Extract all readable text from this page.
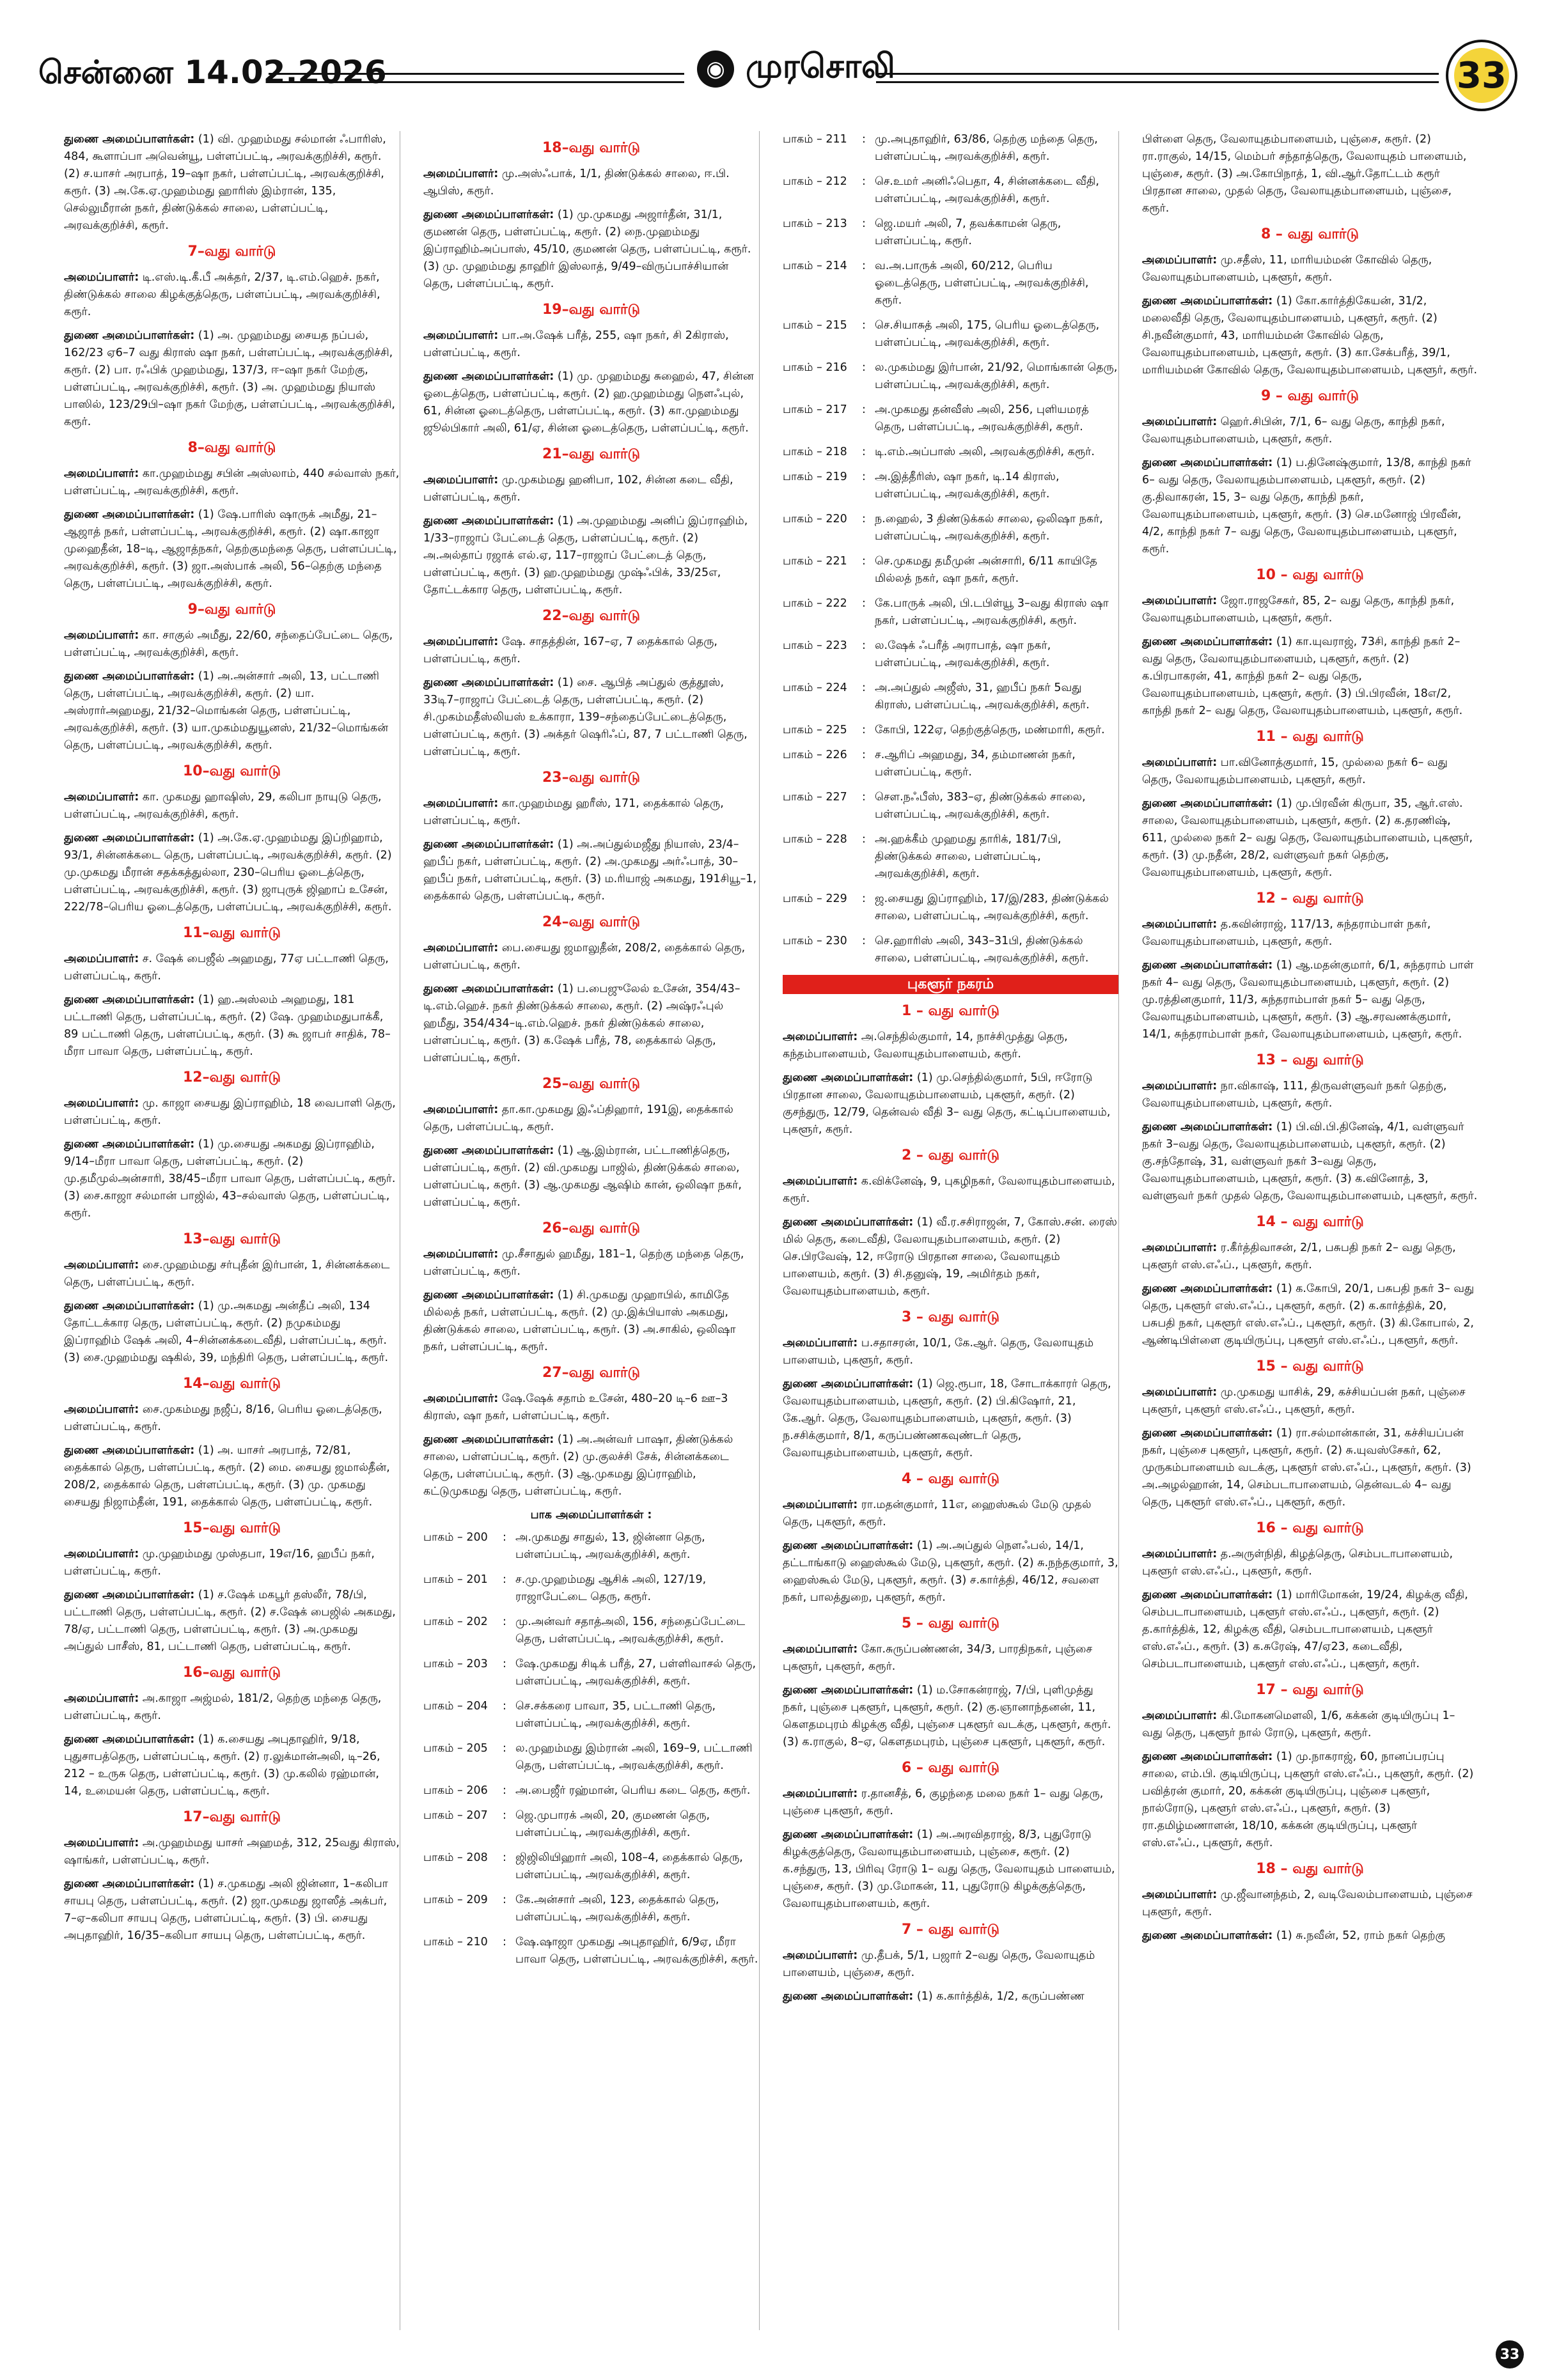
சென்னை 14.02.2026	◉ முரசொலி	33

துணை அமைப்பாளர்கள்: (1) வி. முஹம்மது சல்மான் ஃபாரிஸ், 484, கூளாப்பா அவென்யூ, பள்ளப்பட்டி, அரவக்குறிச்சி, கரூர். (2) ச.யாசர் அரபாத், 19–ஷா நகர், பள்ளப்பட்டி, அரவக்குறிச்சி, கரூர். (3) அ.கே.ஏ.முஹம்மது ஹாரிஸ் இம்ரான், 135, செல்லுமீரான் நகர், திண்டுக்கல் சாலை, பள்ளப்பட்டி, அரவக்குறிச்சி, கரூர்.

7–வது வார்டு

அமைப்பாளர்: டி.எஸ்.டி.கீ.பீ அக்தர், 2/37, டி.எம்.ஹெச். நகர், திண்டுக்கல் சாலை கிழக்குத்தெரு, பள்ளப்பட்டி, அரவக்குறிச்சி, கரூர்.

துணை அமைப்பாளர்கள்: (1) அ. முஹம்மது சையத நப்பல், 162/23 ஏ6–7 வது கிராஸ் ஷா நகர், பள்ளப்பட்டி, அரவக்குறிச்சி, கரூர். (2) பா. ரஃபிக் முஹம்மது, 137/3, ஈ–ஷா நகர் மேற்கு, பள்ளப்பட்டி, அரவக்குறிச்சி, கரூர். (3) அ. முஹம்மது நியாஸ் பாஸில், 123/29பி–ஷா நகர் மேற்கு, பள்ளப்பட்டி, அரவக்குறிச்சி, கரூர்.

8–வது வார்டு

அமைப்பாளர்: கா.முஹம்மது சபின் அஸ்லாம், 440 சல்வாஸ் நகர், பள்ளப்பட்டி, அரவக்குறிச்சி, கரூர்.

துணை அமைப்பாளர்கள்: (1) ஷே.பாரிஸ் ஷாருக் அமீது, 21–ஆஜாத் நகர், பள்ளப்பட்டி, அரவக்குறிச்சி, கரூர். (2) ஷா.காஜா முஹைதீன், 18–டி, ஆஜாத்நகர், தெற்குமந்தை தெரு, பள்ளப்பட்டி, அரவக்குறிச்சி, கரூர். (3) ஜா.அஸ்பாக் அலி, 56–தெற்கு மந்தை தெரு, பள்ளப்பட்டி, அரவக்குறிச்சி, கரூர்.

9–வது வார்டு

அமைப்பாளர்: கா. சாகுல் அமீது, 22/60, சந்தைப்பேட்டை தெரு, பள்ளப்பட்டி, அரவக்குறிச்சி, கரூர்.

துணை அமைப்பாளர்கள்: (1) அ.அன்சார் அலி, 13, பட்டாணி தெரு, பள்ளப்பட்டி, அரவக்குறிச்சி, கரூர். (2) யா. அஸ்ரார்அஹமது, 21/32–மொங்கன் தெரு, பள்ளப்பட்டி, அரவக்குறிச்சி, கரூர். (3) யா.முகம்மதுயூனஸ், 21/32–மொங்கன் தெரு, பள்ளப்பட்டி, அரவக்குறிச்சி, கரூர்.

10–வது வார்டு

அமைப்பாளர்: கா. முகமது ஹாஷிஸ், 29, கலிபா நாயுடு தெரு, பள்ளப்பட்டி, அரவக்குறிச்சி, கரூர்.

துணை அமைப்பாளர்கள்: (1) அ.கே.ஏ.முஹம்மது இப்றிஹாம், 93/1, சின்னக்கடை தெரு, பள்ளப்பட்டி, அரவக்குறிச்சி, கரூர். (2) மு.முகமது மீரான் சதக்கத்துல்லா, 230–பெரிய ஓடைத்தெரு, பள்ளப்பட்டி, அரவக்குறிச்சி, கரூர். (3) ஜாபுருக் ஜிஹாப் உசேன், 222/78–பெரிய ஓடைத்தெரு, பள்ளப்பட்டி, அரவக்குறிச்சி, கரூர்.

11–வது வார்டு

அமைப்பாளர்: ச. ஷேக் பைஜீல் அஹமது, 77ஏ பட்டாணி தெரு, பள்ளப்பட்டி, கரூர்.

துணை அமைப்பாளர்கள்: (1) ஹ.அஸ்லம் அஹமது, 181 பட்டாணி தெரு, பள்ளப்பட்டி, கரூர். (2) ஷே. முஹம்மதுபாக்கீ, 89 பட்டாணி தெரு, பள்ளப்பட்டி, கரூர். (3) கூ ஜாபர் சாதிக், 78–மீரா பாவா தெரு, பள்ளப்பட்டி, கரூர்.

12–வது வார்டு

அமைப்பாளர்: மு. காஜா சையது இப்ராஹிம், 18 வைபாளி தெரு, பள்ளப்பட்டி, கரூர்.

துணை அமைப்பாளர்கள்: (1) மு.சையது அகமது இப்ராஹிம், 9/14–மீரா பாவா தெரு, பள்ளப்பட்டி, கரூர். (2) மு.தமீமுல்அன்சாரி, 38/45–மீரா பாவா தெரு, பள்ளப்பட்டி, கரூர். (3) சை.காஜா சல்மான் பாஜில், 43–சல்வாஸ் தெரு, பள்ளப்பட்டி, கரூர்.

13–வது வார்டு

அமைப்பாளர்: சை.முஹம்மது சர்புதீன் இர்பான், 1, சின்னக்கடை தெரு, பள்ளப்பட்டி, கரூர்.

துணை அமைப்பாளர்கள்: (1) மு.அகமது அன்தீப் அலி, 134 தோட்டக்கார தெரு, பள்ளப்பட்டி, கரூர். (2) நமுகம்மது இப்ராஹிம் ஷேக் அலி, 4–சின்னக்கடைவீதி, பள்ளப்பட்டி, கரூர். (3) சை.முஹம்மது ஷகில், 39, மந்திரி தெரு, பள்ளப்பட்டி, கரூர்.

14–வது வார்டு

அமைப்பாளர்: சை.முகம்மது நஜீப், 8/16, பெரிய ஓடைத்தெரு, பள்ளப்பட்டி, கரூர்.

துணை அமைப்பாளர்கள்: (1) அ. யாசர் அரபாத், 72/81, தைக்கால் தெரு, பள்ளப்பட்டி, கரூர். (2) மை. சையது ஜமால்தீன், 208/2, தைக்கால் தெரு, பள்ளப்பட்டி, கரூர். (3) மு. முகமது சையது நிஜாம்தீன், 191, தைக்கால் தெரு, பள்ளப்பட்டி, கரூர்.

15–வது வார்டு

அமைப்பாளர்: மு.முஹம்மது முஸ்தபா, 19எ/16, ஹபீப் நகர், பள்ளப்பட்டி, கரூர்.

துணை அமைப்பாளர்கள்: (1) ச.ஷேக் மகபூர் தஸ்லீர், 78/பி, பட்டாணி தெரு, பள்ளப்பட்டி, கரூர். (2) ச.ஷேக் பைஜில் அகமது, 78/ஏ, பட்டாணி தெரு, பள்ளப்பட்டி, கரூர். (3) அ.முகமது அப்துல் பாசீஸ், 81, பட்டாணி தெரு, பள்ளப்பட்டி, கரூர்.

16–வது வார்டு

அமைப்பாளர்: அ.காஜா அஜ்மல், 181/2, தெற்கு மந்தை தெரு, பள்ளப்பட்டி, கரூர்.

துணை அமைப்பாளர்கள்: (1) க.சையது அபுதாஹிர், 9/18, புதுசாபத்தெரு, பள்ளப்பட்டி, கரூர். (2) ர.லுக்மான்அலி, டி–26, 212 – உருசு தெரு, பள்ளப்பட்டி, கரூர். (3) மு.கலில் ரஹ்மான், 14, உமையன் தெரு, பள்ளப்பட்டி, கரூர்.

17–வது வார்டு

அமைப்பாளர்: அ.முஹம்மது யாசர் அஹமத், 312, 25வது கிராஸ், ஷாங்கர், பள்ளப்பட்டி, கரூர்.

துணை அமைப்பாளர்கள்: (1) ச.முகமது அலி ஜின்னா, 1–கலிபா சாயபு தெரு, பள்ளப்பட்டி, கரூர். (2) ஜா.முகமது ஜாஸீத் அக்பர், 7–ஏ–கலிபா சாயபு தெரு, பள்ளப்பட்டி, கரூர். (3) பி. சையது அபுதாஹிர், 16/35–கலிபா சாயபு தெரு, பள்ளப்பட்டி, கரூர்.

18–வது வார்டு

அமைப்பாளர்: மு.அஸ்ஃபாக், 1/1, திண்டுக்கல் சாலை, ஈ.பி. ஆபிஸ், கரூர்.

துணை அமைப்பாளர்கள்: (1) மு.முகமது அஜார்தீன், 31/1, குமணன் தெரு, பள்ளப்பட்டி, கரூர். (2) நை.முஹம்மது இப்ராஹிம்அப்பாஸ், 45/10, குமணன் தெரு, பள்ளப்பட்டி, கரூர். (3) மு. முஹம்மது தாஹிர் இஸ்லாத், 9/49–விருப்பாச்சியான் தெரு, பள்ளப்பட்டி, கரூர்.

19–வது வார்டு

அமைப்பாளர்: பா.அ.ஷேக் பரீத், 255, ஷா நகர், சி 2கிராஸ், பள்ளப்பட்டி, கரூர்.

துணை அமைப்பாளர்கள்: (1) மு. முஹம்மது சுஹைல், 47, சின்ன ஓடைத்தெரு, பள்ளப்பட்டி, கரூர். (2) ஹ.முஹம்மது நௌஃபுல், 61, சின்ன ஓடைத்தெரு, பள்ளப்பட்டி, கரூர். (3) கா.முஹம்மது ஜூல்பிகார் அலி, 61/ஏ, சின்ன ஓடைத்தெரு, பள்ளப்பட்டி, கரூர்.

21–வது வார்டு

அமைப்பாளர்: மு.முகம்மது ஹனிபா, 102, சின்ன கடை வீதி, பள்ளப்பட்டி, கரூர்.

துணை அமைப்பாளர்கள்: (1) அ.முஹம்மது அனிப் இப்ராஹிம், 1/33–ராஜாப் பேட்டைத் தெரு, பள்ளப்பட்டி, கரூர். (2) அ.அல்தாப் ரஜாக் எல்.ஏ, 117–ராஜாப் பேட்டைத் தெரு, பள்ளப்பட்டி, கரூர். (3) ஹ.முஹம்மது முஷ்ஃபிக், 33/25எ, தோட்டக்கார தெரு, பள்ளப்பட்டி, கரூர்.

22–வது வார்டு

அமைப்பாளர்: ஷே. சாதத்தின், 167–ஏ, 7 தைக்கால் தெரு, பள்ளப்பட்டி, கரூர்.

துணை அமைப்பாளர்கள்: (1) சை. ஆபித் அப்துல் குத்தூஸ், 33டி7–ராஜாப் பேட்டைத் தெரு, பள்ளப்பட்டி, கரூர். (2) சி.முகம்மதீஸ்லியஸ் உக்காரா, 139–சந்தைப்பேட்டைத்தெரு, பள்ளப்பட்டி, கரூர். (3) அக்தர் ஷெரிஃப், 87, 7 பட்டாணி தெரு, பள்ளப்பட்டி, கரூர்.

23–வது வார்டு

அமைப்பாளர்: கா.முஹம்மது ஹரீஸ், 171, தைக்கால் தெரு, பள்ளப்பட்டி, கரூர்.

துணை அமைப்பாளர்கள்: (1) அ.அப்துல்மஜீது நியாஸ், 23/4–ஹபீப் நகர், பள்ளப்பட்டி, கரூர். (2) அ.முகமது அர்ஃபாத், 30–ஹபீப் நகர், பள்ளப்பட்டி, கரூர். (3) ம.ரியாஜ் அகமது, 191சியூ–1, தைக்கால் தெரு, பள்ளப்பட்டி, கரூர்.

24–வது வார்டு

அமைப்பாளர்: பை.சையது ஜமாலுதீன், 208/2, தைக்கால் தெரு, பள்ளப்பட்டி, கரூர்.

துணை அமைப்பாளர்கள்: (1) ப.பைஜுலேல் உசேன், 354/43–டி.எம்.ஹெச். நகர் திண்டுக்கல் சாலை, கரூர். (2) அஷ்ரஃபுல் ஹமீது, 354/434–டி.எம்.ஹெச். நகர் திண்டுக்கல் சாலை, பள்ளப்பட்டி, கரூர். (3) க.ஷேக் பரீத், 78, தைக்கால் தெரு, பள்ளப்பட்டி, கரூர்.

25–வது வார்டு

அமைப்பாளர்: தா.கா.முகமது இஃப்திஹார், 191இ, தைக்கால் தெரு, பள்ளப்பட்டி, கரூர்.

துணை அமைப்பாளர்கள்: (1) ஆ.இம்ரான், பட்டாணித்தெரு, பள்ளப்பட்டி, கரூர். (2) வி.முகமது பாஜில், திண்டுக்கல் சாலை, பள்ளப்பட்டி, கரூர். (3) ஆ.முகமது ஆஷிம் கான், ஒலிஷா நகர், பள்ளப்பட்டி, கரூர்.

26–வது வார்டு

அமைப்பாளர்: மு.சீசாதுல் ஹமீது, 181–1, தெற்கு மந்தை தெரு, பள்ளப்பட்டி, கரூர்.

துணை அமைப்பாளர்கள்: (1) சி.முகமது முஹாபில், காமிதே மில்லத் நகர், பள்ளப்பட்டி, கரூர். (2) மு.இக்பியாஸ் அகமது, திண்டுக்கல் சாலை, பள்ளப்பட்டி, கரூர். (3) அ.சாகில், ஒலிஷா நகர், பள்ளப்பட்டி, கரூர்.

27–வது வார்டு

அமைப்பாளர்: ஷே.ஷேக் சதாம் உசேன், 480–20 டி–6 ஊ–3 கிராஸ், ஷா நகர், பள்ளப்பட்டி, கரூர்.

துணை அமைப்பாளர்கள்: (1) அ.அன்வர் பாஷா, திண்டுக்கல் சாலை, பள்ளப்பட்டி, கரூர். (2) மு.குலச்சி சேக், சின்னக்கடை தெரு, பள்ளப்பட்டி, கரூர். (3) ஆ.முகமது இப்ராஹிம், கட்டுமுகமது தெரு, பள்ளப்பட்டி, கரூர்.

பாக அமைப்பாளர்கள் :
பாகம் – 200	: அ.முகமது சாதுல், 13, ஜின்னா தெரு, பள்ளப்பட்டி, அரவக்குறிச்சி, கரூர்.
பாகம் – 201	: ச.மு.முஹம்மது ஆசிக் அலி, 127/19, ராஜாபேட்டை தெரு, கரூர்.
பாகம் – 202	: மு.அன்வர் சதாத்அலி, 156, சந்தைப்பேட்டை தெரு, பள்ளப்பட்டி, அரவக்குறிச்சி, கரூர்.
பாகம் – 203	: ஷே.முகமது சிடிக் பரீத், 27, பள்ளிவாசல் தெரு, பள்ளப்பட்டி, அரவக்குறிச்சி, கரூர்.
பாகம் – 204	: செ.சக்கரை பாவா, 35, பட்டாணி தெரு, பள்ளப்பட்டி, அரவக்குறிச்சி, கரூர்.
பாகம் – 205	: ல.முஹம்மது இம்ரான் அலி, 169–9, பட்டாணி தெரு, பள்ளப்பட்டி, அரவக்குறிச்சி, கரூர்.
பாகம் – 206	: அ.பைஜீர் ரஹ்மான், பெரிய கடை தெரு, கரூர்.
பாகம் – 207	: ஜெ.முபாரக் அலி, 20, குமணன் தெரு, பள்ளப்பட்டி, அரவக்குறிச்சி, கரூர்.
பாகம் – 208	: ஜிஜிலியிஹார் அலி, 108–4, தைக்கால் தெரு, பள்ளப்பட்டி, அரவக்குறிச்சி, கரூர்.
பாகம் – 209	: கே.அன்சார் அலி, 123, தைக்கால் தெரு, பள்ளப்பட்டி, அரவக்குறிச்சி, கரூர்.
பாகம் – 210	: ஷே.ஷாஜா முகமது அபுதாஹிர், 6/9ஏ, மீரா பாவா தெரு, பள்ளப்பட்டி, அரவக்குறிச்சி, கரூர்.
பாகம் – 211	: மு.அபுதாஹிர், 63/86, தெற்கு மந்தை தெரு, பள்ளப்பட்டி, அரவக்குறிச்சி, கரூர்.
பாகம் – 212	: செ.உமர் அனிஃபெதா, 4, சின்னக்கடை வீதி, பள்ளப்பட்டி, அரவக்குறிச்சி, கரூர்.
பாகம் – 213	: ஜெ.மயர் அலி, 7, தவக்காமன் தெரு, பள்ளப்பட்டி, கரூர்.
பாகம் – 214	: வ.அ.பாருக் அலி, 60/212, பெரிய ஓடைத்தெரு, பள்ளப்பட்டி, அரவக்குறிச்சி, கரூர்.
பாகம் – 215	: செ.சியாசுத் அலி, 175, பெரிய ஓடைத்தெரு, பள்ளப்பட்டி, அரவக்குறிச்சி, கரூர்.
பாகம் – 216	: ல.முகம்மது இர்பான், 21/92, மொங்கான் தெரு, பள்ளப்பட்டி, அரவக்குறிச்சி, கரூர்.
பாகம் – 217	: அ.முகமது தன்வீஸ் அலி, 256, புளியமரத் தெரு, பள்ளப்பட்டி, அரவக்குறிச்சி, கரூர்.
பாகம் – 218	: டி.எம்.அப்பாஸ் அலி, அரவக்குறிச்சி, கரூர்.
பாகம் – 219	: அ.இத்தீரிஸ், ஷா நகர், டி.14 கிராஸ், பள்ளப்பட்டி, அரவக்குறிச்சி, கரூர்.
பாகம் – 220	: ந.ஹைல், 3 திண்டுக்கல் சாலை, ஒலிஷா நகர், பள்ளப்பட்டி, அரவக்குறிச்சி, கரூர்.
பாகம் – 221	: செ.முகமது தமீமுன் அன்சாரி, 6/11 காயிதே மில்லத் நகர், ஷா நகர், கரூர்.
பாகம் – 222	: கே.பாருக் அலி, பி.டபிள்யூ 3–வது கிராஸ் ஷா நகர், பள்ளப்பட்டி, அரவக்குறிச்சி, கரூர்.
பாகம் – 223	: ல.ஷேக் ஃபரீத் அராபாத், ஷா நகர், பள்ளப்பட்டி, அரவக்குறிச்சி, கரூர்.
பாகம் – 224	: அ.அப்துல் அஜீஸ், 31, ஹபீப் நகர் 5வது கிராஸ், பள்ளப்பட்டி, அரவக்குறிச்சி, கரூர்.
பாகம் – 225	: கோபி, 122ஏ, தெற்குத்தெரு, மண்மாரி, கரூர்.
பாகம் – 226	: ச.ஆரிப் அஹமது, 34, தம்மாணன் நகர், பள்ளப்பட்டி, கரூர்.
பாகம் – 227	: சௌ.நஃபீஸ், 383–ஏ, திண்டுக்கல் சாலை, பள்ளப்பட்டி, அரவக்குறிச்சி, கரூர்.
பாகம் – 228	: அ.ஹக்கீம் முஹமது தாரிக், 181/7பி, திண்டுக்கல் சாலை, பள்ளப்பட்டி, அரவக்குறிச்சி, கரூர்.
பாகம் – 229	: ஜ.சையது இப்ராஹிம், 17/இ/283, திண்டுக்கல் சாலை, பள்ளப்பட்டி, அரவக்குறிச்சி, கரூர்.
பாகம் – 230	: செ.ஹாரிஸ் அலி, 343–31பி, திண்டுக்கல் சாலை, பள்ளப்பட்டி, அரவக்குறிச்சி, கரூர்.
புகளூர் நகரம்
1 – வது வார்டு

அமைப்பாளர்: அ.செந்தில்குமார், 14, நாச்சிமுத்து தெரு, கந்தம்பாளையம், வேலாயுதம்பாளையம், கரூர்.

துணை அமைப்பாளர்கள்: (1) மு.செந்தில்குமார், 5பி, ஈரோடு பிரதான சாலை, வேலாயுதம்பாளையம், புகளூர், கரூர். (2) குசந்துரு, 12/79, தென்வல் வீதி 3– வது தெரு, கட்டிப்பாளையம், புகளூர், கரூர்.

2 – வது வார்டு

அமைப்பாளர்: க.விக்னேஷ், 9, புகழிநகர், வேலாயுதம்பாளையம், கரூர்.

துணை அமைப்பாளர்கள்: (1) வீ.ர.சசிராஜன், 7, கோஸ்.சன். ரைஸ் மில் தெரு, கடைவீதி, வேலாயுதம்பாளையம், கரூர். (2) செ.பிரவேஷ், 12, ஈரோடு பிரதான சாலை, வேலாயுதம் பாளையம், கரூர். (3) சி.தனுஷ், 19, அமிர்தம் நகர், வேலாயுதம்பாளையம், கரூர்.

3 – வது வார்டு

அமைப்பாளர்: ப.சதாசரன், 10/1, கே.ஆர். தெரு, வேலாயுதம் பாளையம், புகளூர், கரூர்.

துணை அமைப்பாளர்கள்: (1) ஜெ.ரூபா, 18, சோடாக்காரர் தெரு, வேலாயுதம்பாளையம், புகளூர், கரூர். (2) பி.கிஷோர், 21, கே.ஆர். தெரு, வேலாயுதம்பாளையம், புகளூர், கரூர். (3) ந.சசிக்குமார், 8/1, கருப்பண்ணகவுண்டர் தெரு, வேலாயுதம்பாளையம், புகளூர், கரூர்.

4 – வது வார்டு

அமைப்பாளர்: ரா.மதன்குமார், 11எ, ஹைஸ்கூல் மேடு முதல் தெரு, புகளூர், கரூர்.

துணை அமைப்பாளர்கள்: (1) அ.அப்துல் நௌஃபல், 14/1, தட்டாங்காடு ஹைஸ்கூல் மேடு, புகளூர், கரூர். (2) சு.நந்தகுமார், 3, ஹைஸ்கூல் மேடு, புகளூர், கரூர். (3) ச.கார்த்தி, 46/12, சவளை நகர், பாலத்துறை, புகளூர், கரூர்.

5 – வது வார்டு

அமைப்பாளர்: கோ.சுருப்பண்ணன், 34/3, பாரதிநகர், புஞ்சை புகளூர், புகளூர், கரூர்.

துணை அமைப்பாளர்கள்: (1) ம.சோகன்ராஜ், 7/பி, புளிமுத்து நகர், புஞ்சை புகளூர், புகளூர், கரூர். (2) கு.ஞானாந்தனன், 11, கௌதமபுரம் கிழக்கு வீதி, புஞ்சை புகளூர் வடக்கு, புகளூர், கரூர். (3) க.ராகுல், 8–ஏ, கௌதமபுரம், புஞ்சை புகளூர், புகளூர், கரூர்.

6 – வது வார்டு

அமைப்பாளர்: ர.தானசீத், 6, குழந்தை மலை நகர் 1– வது தெரு, புஞ்சை புகளூர், கரூர்.

துணை அமைப்பாளர்கள்: (1) அ.அரவிதராஜ், 8/3, புதுரோடு கிழக்குத்தெரு, வேலாயுதம்பாளையம், புஞ்சை, கரூர். (2) க.சந்துரு, 13, பிரிவு ரோடு 1– வது தெரு, வேலாயுதம் பாளையம், புஞ்சை, கரூர். (3) மு.மோகன், 11, புதுரோடு கிழக்குத்தெரு, வேலாயுதம்பாளையம், கரூர்.

7 – வது வார்டு

அமைப்பாளர்: மு.தீபக், 5/1, பஜார் 2–வது தெரு, வேலாயுதம் பாளையம், புஞ்சை, கரூர்.

துணை அமைப்பாளர்கள்: (1) க.கார்த்திக், 1/2, கருப்பண்ண

பிள்ளை தெரு, வேலாயுதம்பாளையம், புஞ்சை, கரூர். (2) ரா.ராகுல், 14/15, மெம்பர் சந்தாத்தெரு, வேலாயுதம் பாளையம், புஞ்சை, கரூர். (3) அ.கோபிநாத், 1, வி.ஆர்.தோட்டம் கரூர் பிரதான சாலை, முதல் தெரு, வேலாயுதம்பாளையம், புஞ்சை, கரூர்.

8 – வது வார்டு

அமைப்பாளர்: மு.சதீஸ், 11, மாரியம்மன் கோவில் தெரு, வேலாயுதம்பாளையம், புகளூர், கரூர்.

துணை அமைப்பாளர்கள்: (1) கோ.கார்த்திகேயன், 31/2, மலைவீதி தெரு, வேலாயுதம்பாளையம், புகளூர், கரூர். (2) சி.நவீன்குமார், 43, மாரியம்மன் கோவில் தெரு, வேலாயுதம்பாளையம், புகளூர், கரூர். (3) கா.சேக்பரீத், 39/1, மாரியம்மன் கோவில் தெரு, வேலாயுதம்பாளையம், புகளூர், கரூர்.

9 – வது வார்டு

அமைப்பாளர்: ஹெர்.சிபின், 7/1, 6– வது தெரு, காந்தி நகர், வேலாயுதம்பாளையம், புகளூர், கரூர்.

துணை அமைப்பாளர்கள்: (1) ப.தினேஷ்குமார், 13/8, காந்தி நகர் 6– வது தெரு, வேலாயுதம்பாளையம், புகளூர், கரூர். (2) கு.திவாகரன், 15, 3– வது தெரு, காந்தி நகர், வேலாயுதம்பாளையம், புகளூர், கரூர். (3) செ.மனோஜ் பிரவீன், 4/2, காந்தி நகர் 7– வது தெரு, வேலாயுதம்பாளையம், புகளூர், கரூர்.

10 – வது வார்டு

அமைப்பாளர்: ஜோ.ராஜசேகர், 85, 2– வது தெரு, காந்தி நகர், வேலாயுதம்பாளையம், புகளூர், கரூர்.

துணை அமைப்பாளர்கள்: (1) கா.யுவராஜ், 73சி, காந்தி நகர் 2–வது தெரு, வேலாயுதம்பாளையம், புகளூர், கரூர். (2) க.பிரபாகரன், 41, காந்தி நகர் 2– வது தெரு, வேலாயுதம்பாளையம், புகளூர், கரூர். (3) பி.பிரவீன், 18எ/2, காந்தி நகர் 2– வது தெரு, வேலாயுதம்பாளையம், புகளூர், கரூர்.

11 – வது வார்டு

அமைப்பாளர்: பா.வினோத்குமார், 15, முல்லை நகர் 6– வது தெரு, வேலாயுதம்பாளையம், புகளூர், கரூர்.

துணை அமைப்பாளர்கள்: (1) மு.பிரவீன் கிருபா, 35, ஆர்.எஸ். சாலை, வேலாயுதம்பாளையம், புகளூர், கரூர். (2) க.தரணிஷ், 611, முல்லை நகர் 2– வது தெரு, வேலாயுதம்பாளையம், புகளூர், கரூர். (3) மு.நதீன், 28/2, வள்ளுவர் நகர் தெற்கு, வேலாயுதம்பாளையம், புகளூர், கரூர்.

12 – வது வார்டு

அமைப்பாளர்: த.கவின்ராஜ், 117/13, சுந்தராம்பாள் நகர், வேலாயுதம்பாளையம், புகளூர், கரூர்.

துணை அமைப்பாளர்கள்: (1) ஆ.மதன்குமார், 6/1, சுந்தராம் பாள் நகர் 4– வது தெரு, வேலாயுதம்பாளையம், புகளூர், கரூர். (2) மு.ரத்தினகுமார், 11/3, சுந்தராம்பாள் நகர் 5– வது தெரு, வேலாயுதம்பாளையம், புகளூர், கரூர். (3) ஆ.சரவணக்குமார், 14/1, சுந்தராம்பாள் நகர், வேலாயுதம்பாளையம், புகளூர், கரூர்.

13 – வது வார்டு

அமைப்பாளர்: நா.விகாஷ், 111, திருவள்ளுவர் நகர் தெற்கு, வேலாயுதம்பாளையம், புகளூர், கரூர்.

துணை அமைப்பாளர்கள்: (1) பி.வி.பி.தினேஷ், 4/1, வள்ளுவர் நகர் 3–வது தெரு, வேலாயுதம்பாளையம், புகளூர், கரூர். (2) கு.சந்தோஷ், 31, வள்ளுவர் நகர் 3–வது தெரு, வேலாயுதம்பாளையம், புகளூர், கரூர். (3) க.வினோத், 3, வள்ளுவர் நகர் முதல் தெரு, வேலாயுதம்பாளையம், புகளூர், கரூர்.

14 – வது வார்டு

அமைப்பாளர்: ர.கீர்த்திவாசன், 2/1, பசுபதி நகர் 2– வது தெரு, புகளூர் எஸ்.எஃப்., புகளூர், கரூர்.

துணை அமைப்பாளர்கள்: (1) க.கோபி, 20/1, பசுபதி நகர் 3– வது தெரு, புகளூர் எஸ்.எஃப்., புகளூர், கரூர். (2) க.கார்த்திக், 20, பசுபதி நகர், புகளூர் எஸ்.எஃப்., புகளூர், கரூர். (3) கி.கோபால், 2, ஆண்டிபிள்ளை குடியிருப்பு, புகளூர் எஸ்.எஃப்., புகளூர், கரூர்.

15 – வது வார்டு

அமைப்பாளர்: மு.முகமது யாசிக், 29, கச்சியப்பன் நகர், புஞ்சை புகளூர், புகளூர் எஸ்.எஃப்., புகளூர், கரூர்.

துணை அமைப்பாளர்கள்: (1) ரா.சல்மான்கான், 31, கச்சியப்பன் நகர், புஞ்சை புகளூர், புகளூர், கரூர். (2) சு.யுவஸ்சேகர், 62, முருகம்பாளையம் வடக்கு, புகளூர் எஸ்.எஃப்., புகளூர், கரூர். (3) அ.அழல்ஹான், 14, செம்படாபாளையம், தென்வடல் 4– வது தெரு, புகளூர் எஸ்.எஃப்., புகளூர், கரூர்.

16 – வது வார்டு

அமைப்பாளர்: த.அருள்நிதி, கிழத்தெரு, செம்படாபாளையம், புகளூர் எஸ்.எஃப்., புகளூர், கரூர்.

துணை அமைப்பாளர்கள்: (1) மாரிமோகன், 19/24, கிழக்கு வீதி, செம்படாபாளையம், புகளூர் எஸ்.எஃப்., புகளூர், கரூர். (2) த.கார்த்திக், 12, கிழக்கு வீதி, செம்படாபாளையம், புகளூர் எஸ்.எஃப்., கரூர். (3) க.சுரேஷ், 47/ஏ23, கடைவீதி, செம்படாபாளையம், புகளூர் எஸ்.எஃப்., புகளூர், கரூர்.

17 – வது வார்டு

அமைப்பாளர்: கி.மோகனமௌலி, 1/6, கக்கன் குடியிருப்பு 1– வது தெரு, புகளூர் நால் ரோடு, புகளூர், கரூர்.

துணை அமைப்பாளர்கள்: (1) மு.நாகராஜ், 60, நானப்பரப்பு சாலை, எம்.பி. குடியிருப்பு, புகளூர் எஸ்.எஃப்., புகளூர், கரூர். (2) பவித்ரன் குமார், 20, கக்கன் குடியிருப்பு, புஞ்சை புகளூர், நால்ரோடு, புகளூர் எஸ்.எஃப்., புகளூர், கரூர். (3) ரா.தமிழ்மணாளன், 18/10, கக்கன் குடியிருப்பு, புகளூர் எஸ்.எஃப்., புகளூர், கரூர்.

18 – வது வார்டு

அமைப்பாளர்: மு.ஜீவானந்தம், 2, வடிவேலம்பாளையம், புஞ்சை புகளூர், கரூர்.

துணை அமைப்பாளர்கள்: (1) சு.நவீன், 52, ராம் நகர் தெற்கு

33
